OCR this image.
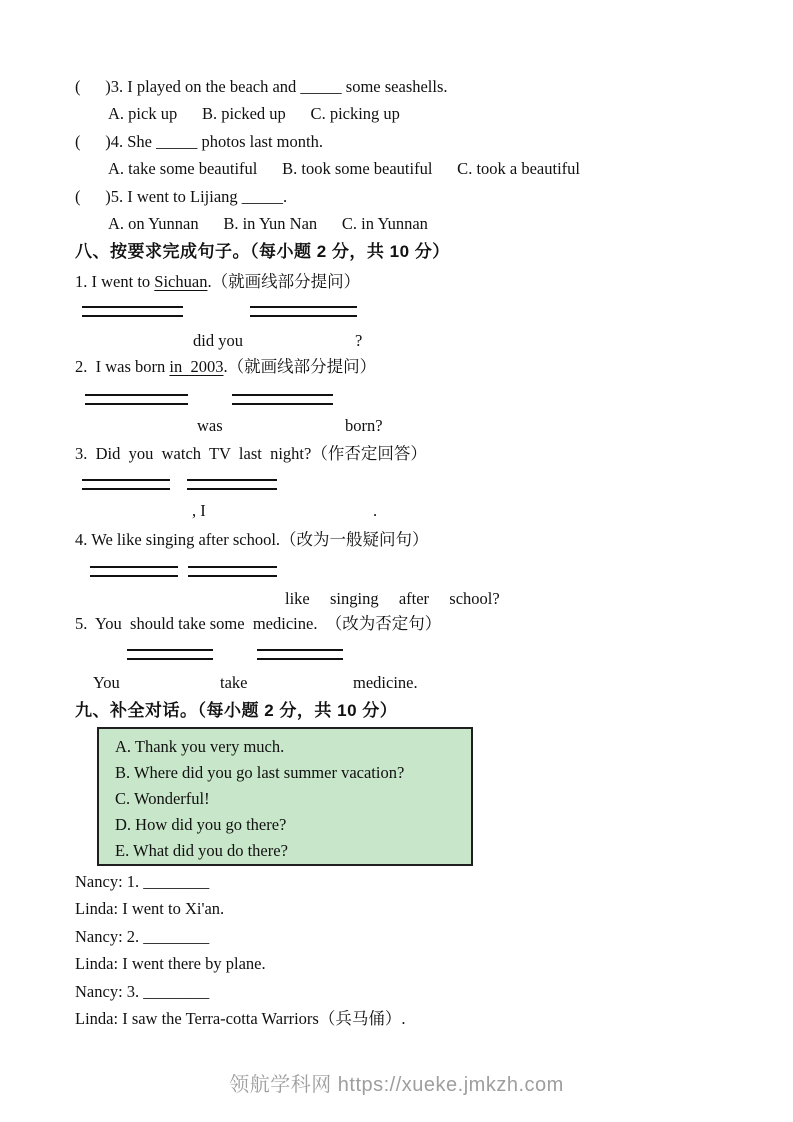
(      )3. I played on the beach and _____ some seashells.
A. pick up      B. picked up      C. picking up
(      )4. She _____ photos last month.
A. take some beautiful      B. took some beautiful      C. took a beautiful
(      )5. I went to Lijiang _____.
A. on Yunnan      B. in Yun Nan      C. in Yunnan
八、按要求完成句子。（每小题 2 分，共 10 分）
1. I went to Sichuan.（就画线部分提问）
did you	?
2.  I was born in  2003.（就画线部分提问）
was	born?
3.  Did  you  watch  TV  last  night?（作否定回答）
, I	.
4. We like singing after school.（改为一般疑问句）
like  singing  after  school?
5.  You  should take some  medicine.  （改为否定句）
You	take	medicine.
九、补全对话。（每小题 2 分，共 10 分）
A. Thank you very much.
B. Where did you go last summer vacation?
C. Wonderful!
D. How did you go there?
E. What did you do there?
Nancy: 1. ________
Linda: I went to Xi'an.
Nancy: 2. ________
Linda: I went there by plane.
Nancy: 3. ________
Linda: I saw the Terra-cotta Warriors（兵马俑）.
领航学科网 https://xueke.jmkzh.com
